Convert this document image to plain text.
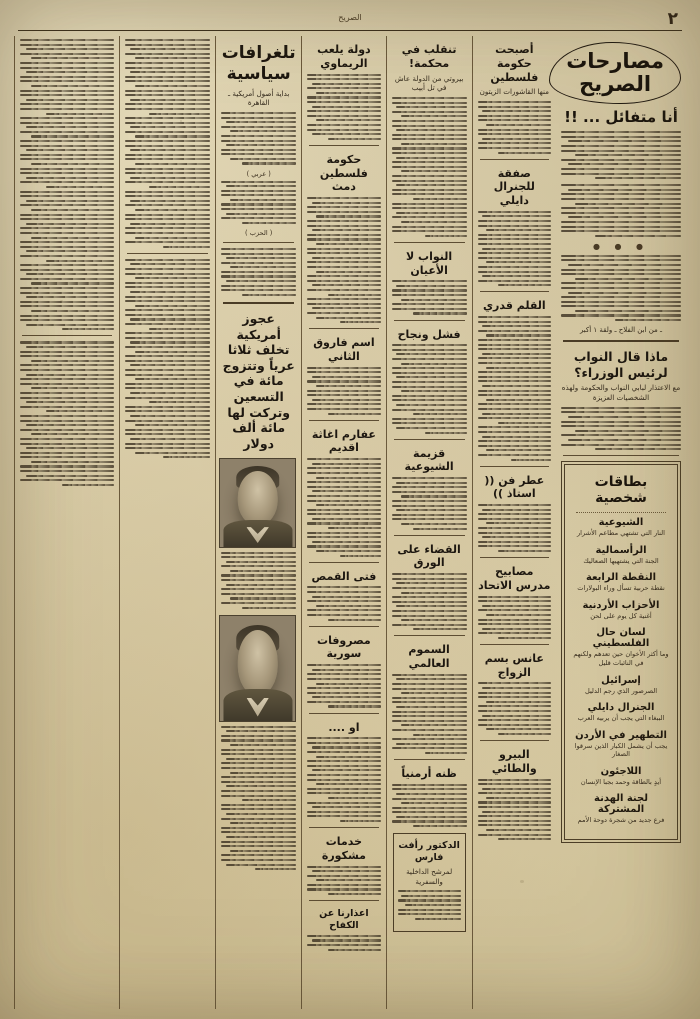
الصريح	٢
مصارحات الصريح
أنا متفائل ... !!
● ● ●
ـ من ابن الفلاح ـ ولقة ١ أكبر
ماذا قال النواب لرئيس الوزراء؟
مع الاعتذار لبابي النواب والحكومة ولهذه الشخصيات العزيزة
بطاقات شخصية
الشيوعية
النار التي تشتهي مطاعم الأشرار
الرأسمالية
الجنة التي يشتهيها الصعاليك
النقطة الرابعة
نقطة حربية تسأل وراء البولارات
الأحزاب الأردنية
أغنية كل يوم على لحن
لسان حال الفلسطيني
وما أكثر الأخوان حين تعدهم ولكنهم في النائبات قليل
إسرائيل
الصرصور الذي رجم الدليل
الجنرال دايلي
الببغاء التي يجب أن يربيه العرب
التطهير في الأردن
يجب أن يشمل الكبار الذين سرقوا الصغار
اللاجئون
أيدٍ بالطاقة وحمد بجبا الإنسان
لجنة الهدنة المشتركة
فرع جديد من شجرة دوحة الأمم
أصبحت حكومة فلسطين
منها القاشورات الزيتون
صفقة للجنرال دايلي
القلم قدري
عطر فن (( استاذ ))
مصابيح مدرس الاتحاد
عانس بسم الزواج
البيرو والطائي
تنقلب في محكمة!
بيروتي من الدولة عاش في تل أبيب
النواب لا الأعيان
فشل ونجاح
قزيمة الشيوعية
القضاء على الورق
السموم العالمي
ظنه أرمنياً
الدكتور رأفت فارس
لمرشح الداخلية والسفرية
دولة يلعب الريماوي
حكومة فلسطين دمث
اسم فاروق الثاني
عفارم اغاثة اقديم
فتى القمص
مصروفات سورية
او ....
خدمات مشكورة
اعذارنا عن الكفاح
تلغرافات سياسية
بداية أصول أمريكية ـ القاهرة
( عربي )
( الحزب )
عجوز أمريكية تخلف ثلاثا عرياً وتتزوج مائة في التسعين وتركت لها مائة ألف دولار
